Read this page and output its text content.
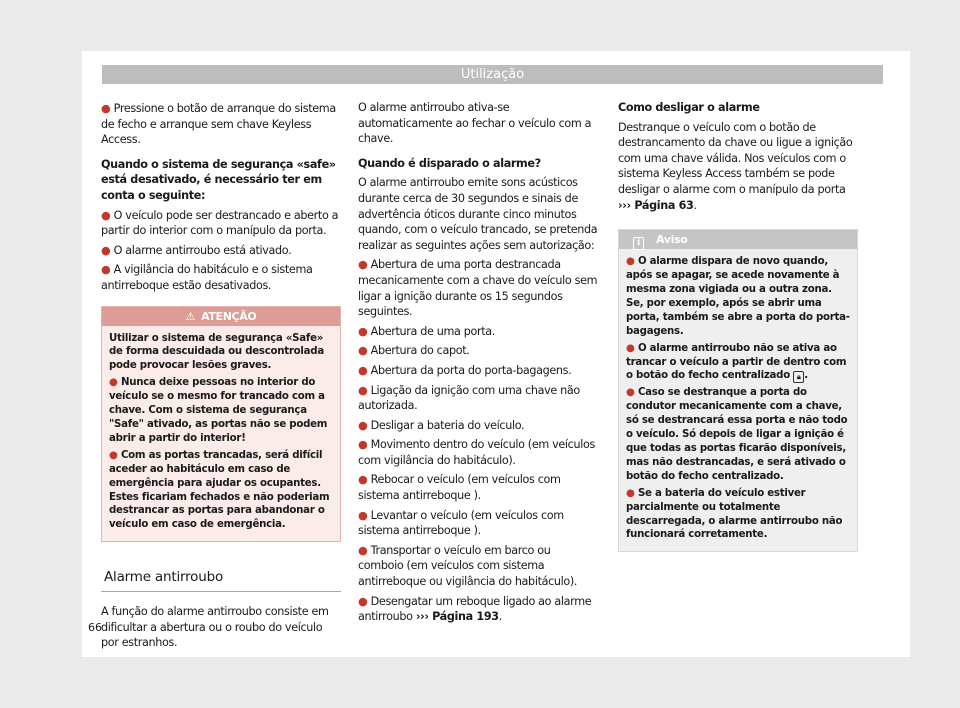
Utilização

● Pressione o botão de arranque do sistema de fecho e arranque sem chave Keyless Access.

Quando o sistema de segurança «safe» está desativado, é necessário ter em conta o seguinte:

● O veículo pode ser destrancado e aberto a partir do interior com o manípulo da porta.

● O alarme antirroubo está ativado.

● A vigilância do habitáculo e o sistema antirreboque estão desativados.

⚠ ATENÇÃO

Utilizar o sistema de segurança «Safe» de forma descuidada ou descontrolada pode provocar lesões graves.

● Nunca deixe pessoas no interior do veículo se o mesmo for trancado com a chave. Com o sistema de segurança "Safe" ativado, as portas não se podem abrir a partir do interior!

● Com as portas trancadas, será difícil aceder ao habitáculo em caso de emergência para ajudar os ocupantes. Estes ficariam fechados e não poderiam destrancar as portas para abandonar o veículo em caso de emergência.

Alarme antirroubo

A função do alarme antirroubo consiste em dificultar a abertura ou o roubo do veículo por estranhos.

O alarme antirroubo ativa-se automaticamente ao fechar o veículo com a chave.

Quando é disparado o alarme?

O alarme antirroubo emite sons acústicos durante cerca de 30 segundos e sinais de advertência óticos durante cinco minutos quando, com o veículo trancado, se pretenda realizar as seguintes ações sem autorização:

● Abertura de uma porta destrancada mecanicamente com a chave do veículo sem ligar a ignição durante os 15 segundos seguintes.

● Abertura de uma porta.

● Abertura do capot.

● Abertura da porta do porta-bagagens.

● Ligação da ignição com uma chave não autorizada.

● Desligar a bateria do veículo.

● Movimento dentro do veículo (em veículos com vigilância do habitáculo).

● Rebocar o veículo (em veículos com sistema antirreboque ).

● Levantar o veículo (em veículos com sistema antirreboque ).

● Transportar o veículo em barco ou comboio (em veículos com sistema antirreboque ou vigilância do habitáculo).

● Desengatar um reboque ligado ao alarme antirroubo ››› Página 193.

Como desligar o alarme

Destranque o veículo com o botão de destrancamento da chave ou ligue a ignição com uma chave válida. Nos veículos com o sistema Keyless Access também se pode desligar o alarme com o manípulo da porta ››› Página 63.

i Aviso

● O alarme dispara de novo quando, após se apagar, se acede novamente à mesma zona vigiada ou a outra zona. Se, por exemplo, após se abrir uma porta, também se abre a porta do porta-bagagens.

● O alarme antirroubo não se ativa ao trancar o veículo a partir de dentro com o botão do fecho centralizado 🔒︎ .

● Caso se destranque a porta do condutor mecanicamente com a chave, só se destrancará essa porta e não todo o veículo. Só depois de ligar a ignição é que todas as portas ficarão disponíveis, mas não destrancadas, e será ativado o botão do fecho centralizado.

● Se a bateria do veículo estiver parcialmente ou totalmente descarregada, o alarme antirroubo não funcionará corretamente.

66
